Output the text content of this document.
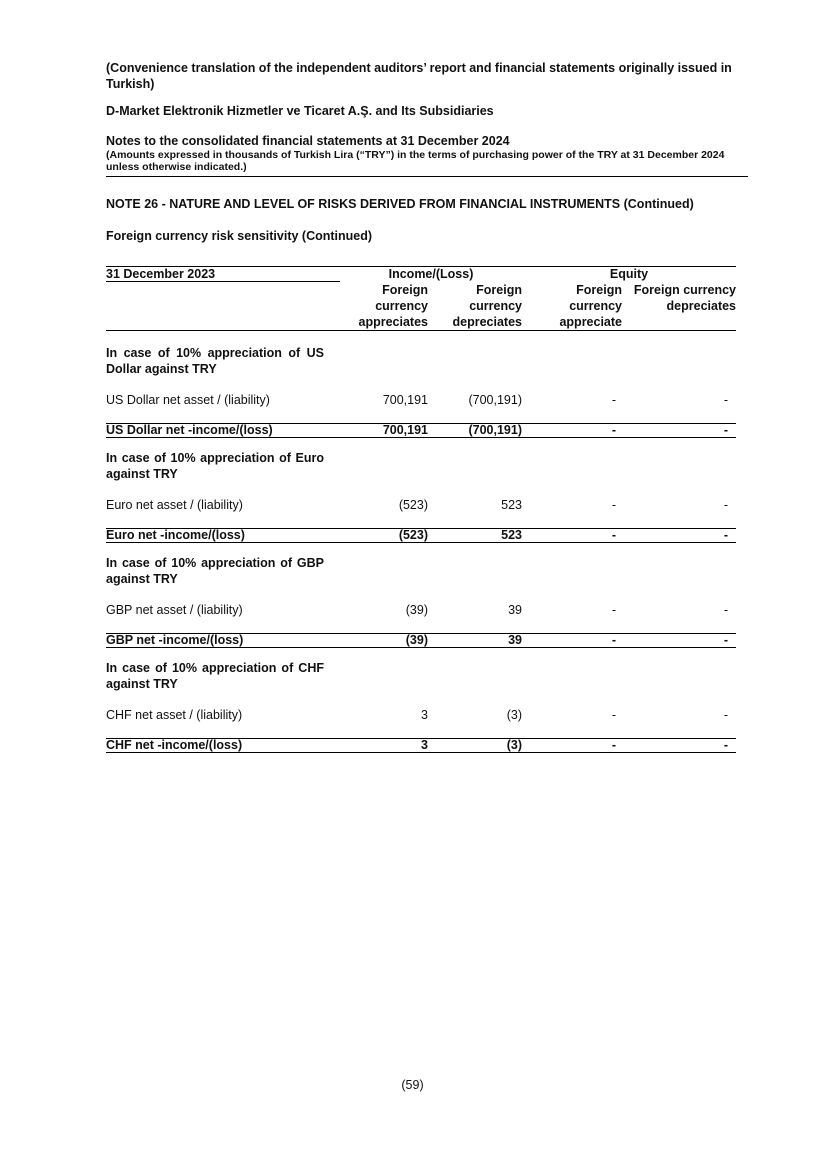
(Convenience translation of the independent auditors’ report and financial statements originally issued in Turkish)
D-Market Elektronik Hizmetler ve Ticaret A.Ş. and Its Subsidiaries
Notes to the consolidated financial statements at 31 December 2024
(Amounts expressed in thousands of Turkish Lira (“TRY”) in the terms of purchasing power of the TRY at 31 December 2024 unless otherwise indicated.)
NOTE 26 - NATURE AND LEVEL OF RISKS DERIVED FROM FINANCIAL INSTRUMENTS (Continued)
Foreign currency risk sensitivity (Continued)
31 December 2023	Income/(Loss)		Equity	
	Foreign currency appreciates	Foreign currency depreciates	Foreign currency appreciate	Foreign currency depreciates

In case of 10% appreciation of US Dollar against TRY				

US Dollar net asset / (liability)	700,191	(700,191)	-	-

US Dollar net -income/(loss)	700,191	(700,191)	-	-

In case of 10% appreciation of Euro against TRY				

Euro net asset / (liability)	(523)	523	-	-

Euro net -income/(loss)	(523)	523	-	-

In case of 10% appreciation of GBP against TRY				

GBP net asset / (liability)	(39)	39	-	-

GBP net -income/(loss)	(39)	39	-	-

In case of 10% appreciation of CHF against TRY				

CHF net asset / (liability)	3	(3)	-	-

CHF net -income/(loss)	3	(3)	-	-
(59)
